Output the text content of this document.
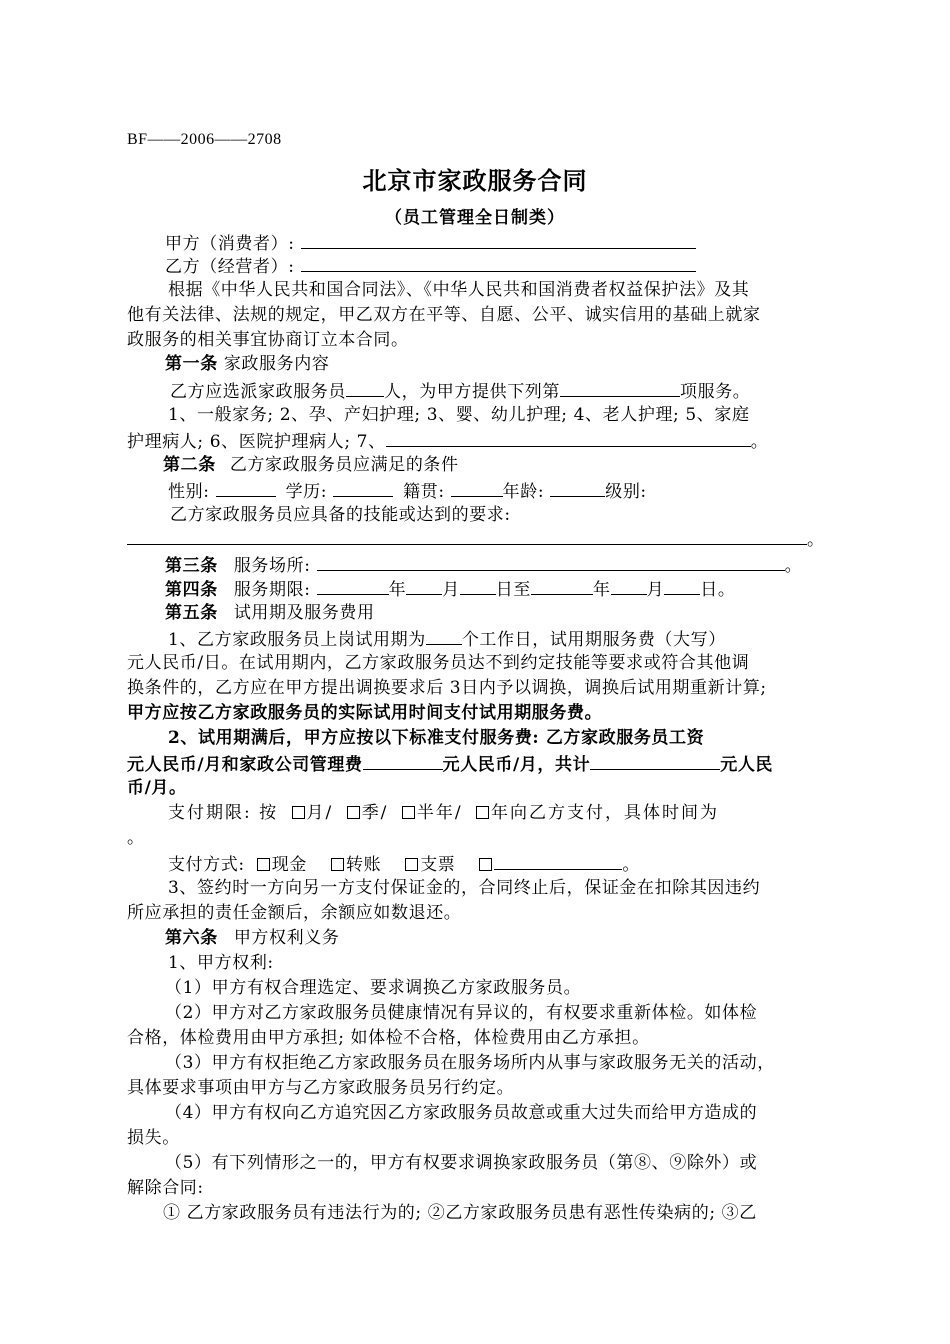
BF——2006——2708
北京市家政服务合同
（员工管理全日制类）
甲方（消费者）:
乙方（经营者）:
根据《中华人民共和国合同法》、《中华人民共和国消费者权益保护法》及其
他有关法律、法规的规定，甲乙双方在平等、自愿、公平、诚实信用的基础上就家
政服务的相关事宜协商订立本合同。
第一条 家政服务内容
乙方应选派家政服务员 人，为甲方提供下列第	项服务。
1、一般家务; 2、孕、产妇护理; 3、婴、幼儿护理; 4、老人护理; 5、家庭
护理病人; 6、医院护理病人; 7、	。
第二条 乙方家政服务员应满足的条件
性别:	学历:	籍贯:	年龄:	级别:
乙方家政服务员应具备的技能或达到的要求:
。
第三条 服务场所:	。
第四条 服务期限:	年 月 日至	年 月 日。
第五条 试用期及服务费用
1、乙方家政服务员上岗试用期为 个工作日，试用期服务费（大写）
元人民币/日。在试用期内，乙方家政服务员达不到约定技能等要求或符合其他调
换条件的，乙方应在甲方提出调换要求后 3日内予以调换，调换后试用期重新计算;
甲方应按乙方家政服务员的实际试用时间支付试用期服务费。
2、试用期满后，甲方应按以下标准支付服务费: 乙方家政服务员工资
元人民币/月和家政公司管理费	元人民币/月，共计	元人民
币/月。
支付期限: 按 月/ 季/ 半年/ 年向乙方支付，具体时间为
。
支付方式: 现金 转账 支票	。
3、签约时一方向另一方支付保证金的，合同终止后，保证金在扣除其因违约
所应承担的责任金额后，余额应如数退还。
第六条 甲方权利义务
1、甲方权利:
（1）甲方有权合理选定、要求调换乙方家政服务员。
（2）甲方对乙方家政服务员健康情况有异议的，有权要求重新体检。如体检
合格，体检费用由甲方承担; 如体检不合格，体检费用由乙方承担。
（3）甲方有权拒绝乙方家政服务员在服务场所内从事与家政服务无关的活动，
具体要求事项由甲方与乙方家政服务员另行约定。
（4）甲方有权向乙方追究因乙方家政服务员故意或重大过失而给甲方造成的
损失。
（5）有下列情形之一的，甲方有权要求调换家政服务员（第⑧、⑨除外）或
解除合同:
① 乙方家政服务员有违法行为的; ②乙方家政服务员患有恶性传染病的; ③乙
